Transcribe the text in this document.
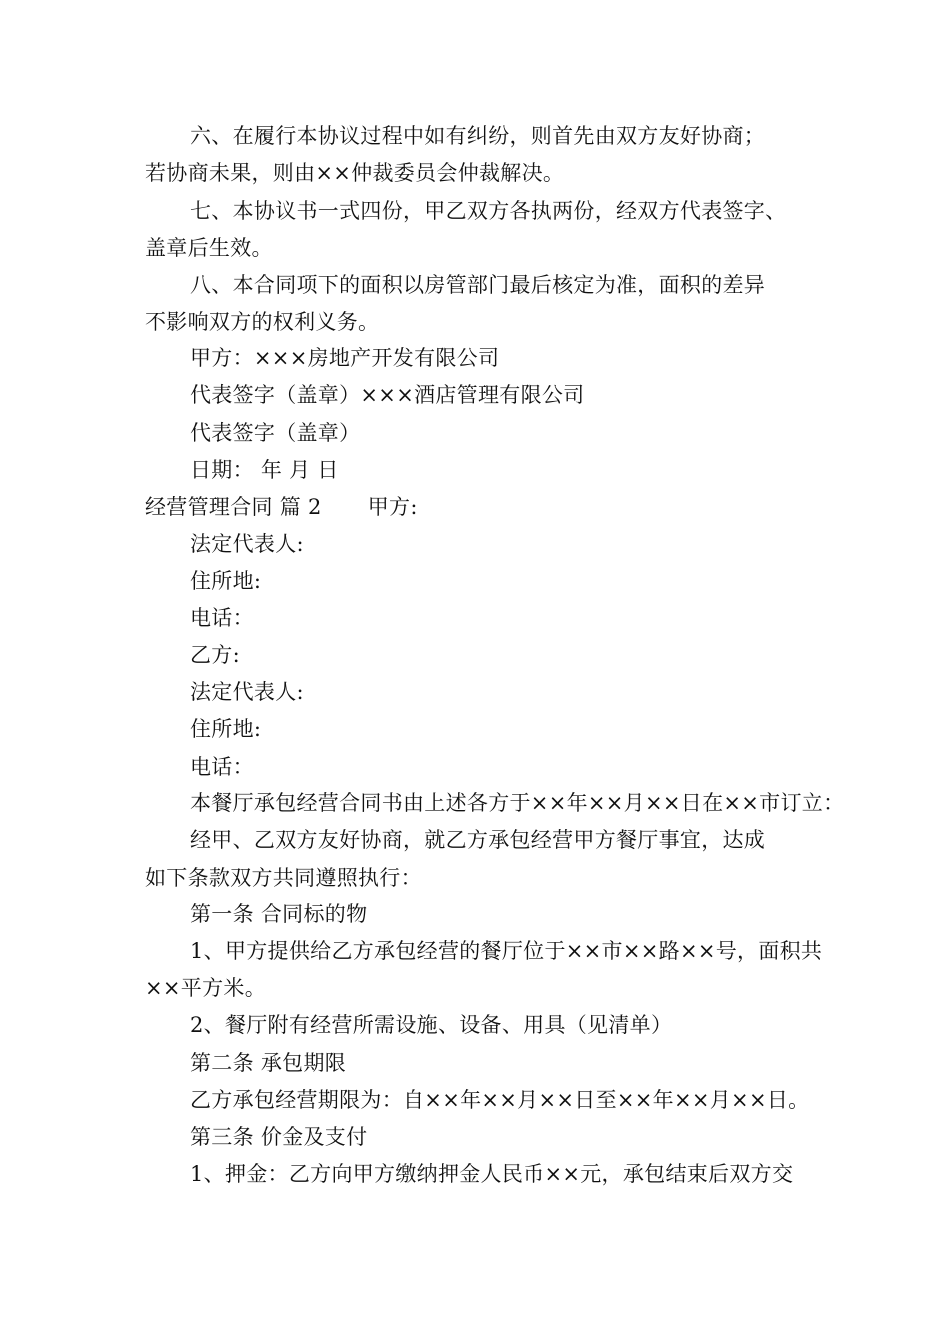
六、在履行本协议过程中如有纠纷，则首先由双方友好协商；
若协商未果，则由××仲裁委员会仲裁解决。
七、本协议书一式四份，甲乙双方各执两份，经双方代表签字、
盖章后生效。
八、本合同项下的面积以房管部门最后核定为准，面积的差异
不影响双方的权利义务。
甲方：×××房地产开发有限公司
代表签字（盖章）×××酒店管理有限公司
代表签字（盖章）
日期： 年 月 日
经营管理合同 篇 2 甲方:
法定代表人:
住所地:
电话：
乙方:
法定代表人:
住所地:
电话：
本餐厅承包经营合同书由上述各方于××年××月××日在××市订立：
经甲、乙双方友好协商，就乙方承包经营甲方餐厅事宜，达成
如下条款双方共同遵照执行：
第一条 合同标的物
1、甲方提供给乙方承包经营的餐厅位于××市××路××号，面积共
××平方米。
2、餐厅附有经营所需设施、设备、用具（见清单）
第二条 承包期限
乙方承包经营期限为：自××年××月××日至××年××月××日。
第三条 价金及支付
1、押金：乙方向甲方缴纳押金人民币××元，承包结束后双方交
